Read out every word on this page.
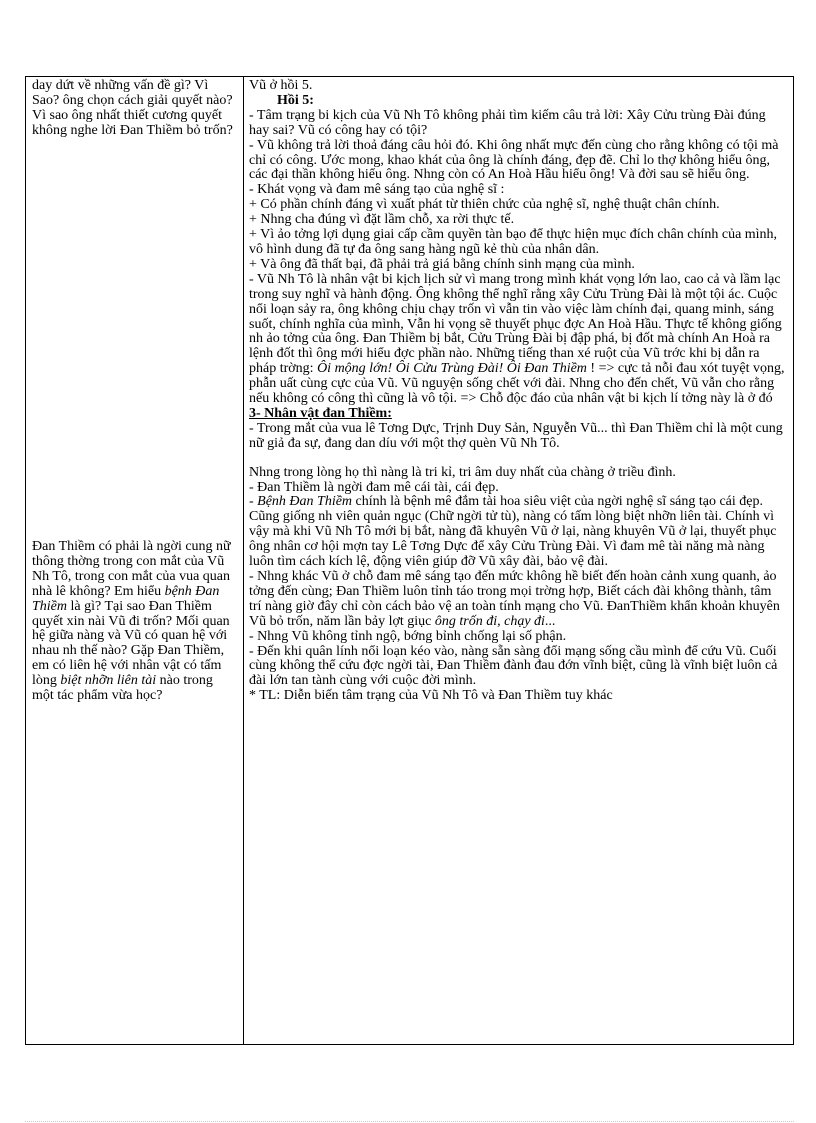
day dứt về những vấn đề gì? Vì Sao? ông chọn cách giải quyết nào? Vì sao ông nhất thiết cương quyết không nghe lời Đan Thiềm bỏ trốn?
Đan Thiềm có phải là ngời cung nữ thông thờng trong con mắt của Vũ Nh Tô, trong con mắt của vua quan nhà lê không? Em hiểu bệnh Đan Thiềm là gì? Tại sao Đan Thiềm quyết xin nài Vũ đi trốn? Mối quan hệ giữa nàng và Vũ có quan hệ với nhau nh thế nào? Gặp Đan Thiềm, em có liên hệ với nhân vật có tấm lòng biệt nhỡn liên tài nào trong một tác phẩm vừa học?

Vũ ở hồi 5.

Hồi 5:

- Tâm trạng bi kịch của Vũ Nh Tô không phải tìm kiếm câu trả lời: Xây Cửu trùng Đài đúng hay sai? Vũ có công hay có tội?

- Vũ không trả lời thoả đáng câu hỏi đó. Khi ông nhất mực đến cùng cho rằng không có tội mà chỉ có công. Ước mong, khao khát của ông là chính đáng, đẹp đẽ. Chỉ lo thợ không hiểu ông, các đại thần không hiểu ông. Nhng còn có An Hoà Hầu hiểu ông! Và đời sau sẽ hiểu ông.

- Khát vọng và đam mê sáng tạo của nghệ sĩ :

+ Có phần chính đáng vì xuất phát từ thiên chức của nghệ sĩ, nghệ thuật chân chính.

+ Nhng cha đúng vì đặt lầm chỗ, xa rời thực tế.

+ Vì ảo tởng lợi dụng giai cấp cầm quyền tàn bạo để thực hiện mục đích chân chính của mình, vô hình dung đã tự đa ông sang hàng ngũ kẻ thù của nhân dân.

+ Và ông đã thất bại, đã phải trả giá bằng chính sinh mạng của mình.

- Vũ Nh Tô là nhân vật bi kịch lịch sử vì mang trong mình khát vọng lớn lao, cao cả và lầm lạc trong suy nghĩ và hành động. Ông không thể nghĩ rằng xây Cửu Trùng Đài là một tội ác. Cuộc nổi loạn sảy ra, ông không chịu chạy trốn vì vẫn tin vào việc làm chính đại, quang minh, sáng suốt, chính nghĩa của mình, Vẫn hi vọng sẽ thuyết phục đợc An Hoà Hầu. Thực tế không giống nh ảo tởng của ông. Đan Thiềm bị bắt, Cửu Trùng Đài bị đập phá, bị đốt mà chính An Hoà ra lệnh đốt thì ông mới hiểu đợc phần nào. Những tiếng than xé ruột của Vũ trớc khi bị dẫn ra pháp trờng: Ôi mộng lớn! Ôi Cửu Trùng Đài! Ôi Đan Thiềm ! => cực tả nỗi đau xót tuyệt vọng, phẫn uất cùng cực của Vũ. Vũ nguyện sống chết với đài. Nhng cho đến chết, Vũ vẫn cho rằng nếu không có công thì cũng là vô tội. => Chỗ độc đáo của nhân vật bi kịch lí tởng này là ở đó

3- Nhân vật đan Thiềm:

- Trong mắt của vua lê Tơng Dực, Trịnh Duy Sản, Nguyễn Vũ... thì Đan Thiềm chỉ là một cung nữ giả đa sự, đang dan díu với một thợ quèn Vũ Nh Tô.

Nhng trong lòng họ thì nàng là tri kỉ, tri âm duy nhất của chàng ở triều đình.

- Đan Thiềm là ngời đam mê cái tài, cái đẹp.

- Bệnh Đan Thiềm chính là bệnh mê đắm tài hoa siêu việt của ngời nghệ sĩ sáng tạo cái đẹp. Cũng giống nh viên quản ngục (Chữ ngời tử tù), nàng có tấm lòng biệt nhỡn liên tài. Chính vì vậy mà khi Vũ Nh Tô mới bị bắt, nàng đã khuyên Vũ ở lại, nàng khuyên Vũ ở lại, thuyết phục ông nhân cơ hội mợn tay Lê Tơng Dực để xây Cửu Trùng Đài. Vì đam mê tài năng mà nàng luôn tìm cách kích lệ, động viên giúp đỡ Vũ xây đài, bảo vệ đài.

- Nhng khác Vũ ở chỗ đam mê sáng tạo đến mức không hề biết đến hoàn cảnh xung quanh, ảo tởng đến cùng; Đan Thiềm luôn tỉnh táo trong mọi trờng hợp, Biết cách đài không thành, tâm trí nàng giờ đây chỉ còn cách bảo vệ an toàn tính mạng cho Vũ. ĐanThiềm khẩn khoản khuyên Vũ bỏ trốn, năm lần bảy lợt giục ông trốn đi, chạy đi...

- Nhng Vũ không tỉnh ngộ, bớng bỉnh chống lại số phận.

- Đến khi quân lính nổi loạn kéo vào, nàng sẵn sàng đổi mạng sống cầu mình để cứu Vũ. Cuối cùng không thể cứu đợc ngời tài, Đan Thiềm đành đau đớn vĩnh biệt, cũng là vĩnh biệt luôn cả đài lớn tan tành cùng với cuộc đời mình.

* TL: Diễn biến tâm trạng của Vũ Nh Tô và Đan Thiềm tuy khác
